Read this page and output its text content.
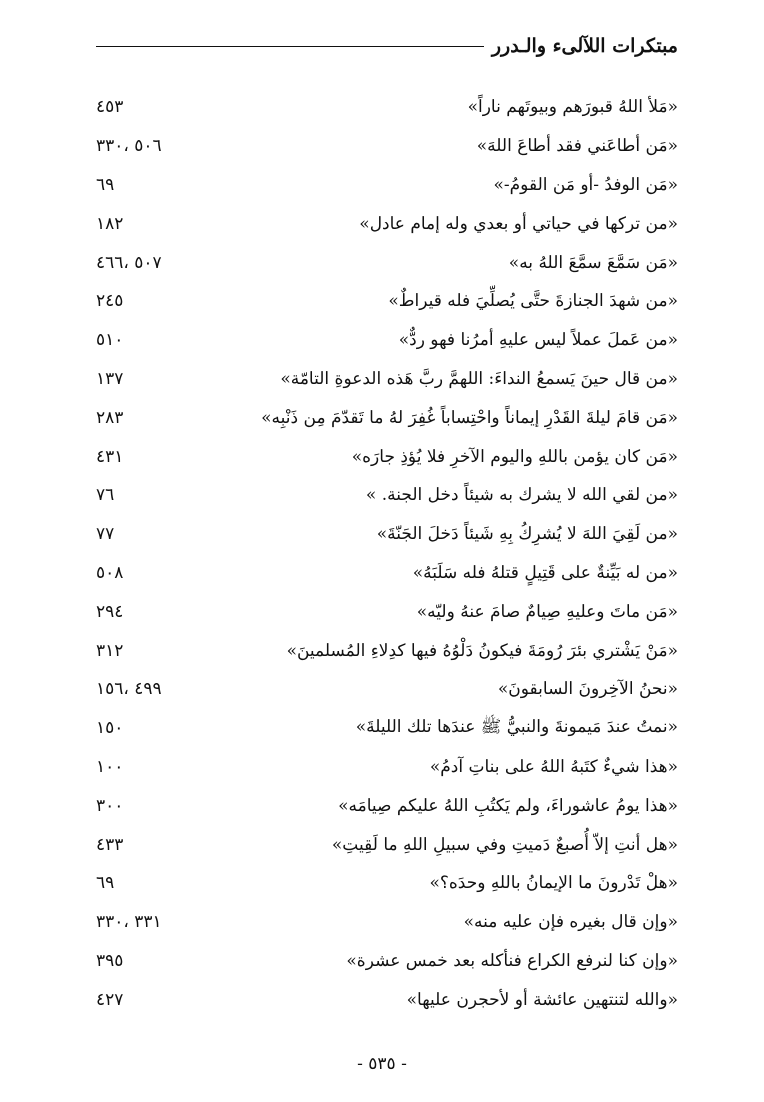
مبتكرات اللآلىء والـدرر
«مَلأ اللهُ قبورَهم وبيوتَهم ناراً»
٤٥٣
«مَن أطاعَني فقد أطاعَ اللهَ»
٥٠٦ ،٣٣٠
«مَن الوفدُ -أو مَن القومُ-»
٦٩
«من تركها في حياتي أو بعدي وله إمام عادل»
١٨٢
«مَن سَمَّعَ سمَّعَ اللهُ به»
٥٠٧ ،٤٦٦
«من شهدَ الجنازةَ حتَّى يُصلِّيَ فله قيراطٌ»
٢٤٥
«من عَملَ عملاً ليس عليهِ أمرُنا فهو ردٌّ»
٥١٠
«من قال حينَ يَسمعُ النداءَ: اللهمَّ ربَّ هَذه الدعوةِ التامّة»
١٣٧
«مَن قامَ ليلةَ القَدْرِ إيماناً واحْتِساباً غُفِرَ لهُ ما تَقدّمَ مِن ذَنْبِه»
٢٨٣
«مَن كان يؤمن باللهِ واليوم الآخرِ فلا يُؤذِ جارَه»
٤٣١
«من لقي الله لا يشرك به شيئاً دخل الجنة. »
٧٦
«من لَقِيَ اللهَ لا يُشرِكُ بِهِ شَيئاً دَخلَ الجَنّةَ»
٧٧
«من له بَيِّنةٌ على قَتِيلٍ قتلهُ فله سَلَبَهُ»
٥٠٨
«مَن ماتَ وعليهِ صِيامٌ صامَ عنهُ وليّه»
٢٩٤
«مَنْ يَشْتري بئرَ رُومَةَ فيكونُ دَلْوُهُ فيها كدِلاءِ المُسلمينَ»
٣١٢
«نحنُ الآخِرونَ السابقونَ»
٤٩٩ ،١٥٦
«نمتُ عندَ مَيمونةَ والنبيُّ ﷺ عندَها تلك الليلةَ»
١٥٠
«هذا شيءٌ كتَبهُ اللهُ على بناتِ آدمُ»
١٠٠
«هذا يومُ عاشوراءَ، ولم يَكتُبِ اللهُ عليكم صِيامَه»
٣٠٠
«هل أنتِ إلاّ أُصبعٌ دَميتِ وفي سبيلِ اللهِ ما لَقِيتِ»
٤٣٣
«هلْ تَدْرونَ ما الإيمانُ باللهِ وحدَه؟»
٦٩
«وإن قال بغيره فإن عليه منه»
٣٣١ ،٣٣٠
«وإن كنا لنرفع الكراع فنأكله بعد خمس عشرة»
٣٩٥
«والله لتنتهين عائشة أو لأحجرن عليها»
٤٢٧
- ٥٣٥ -
